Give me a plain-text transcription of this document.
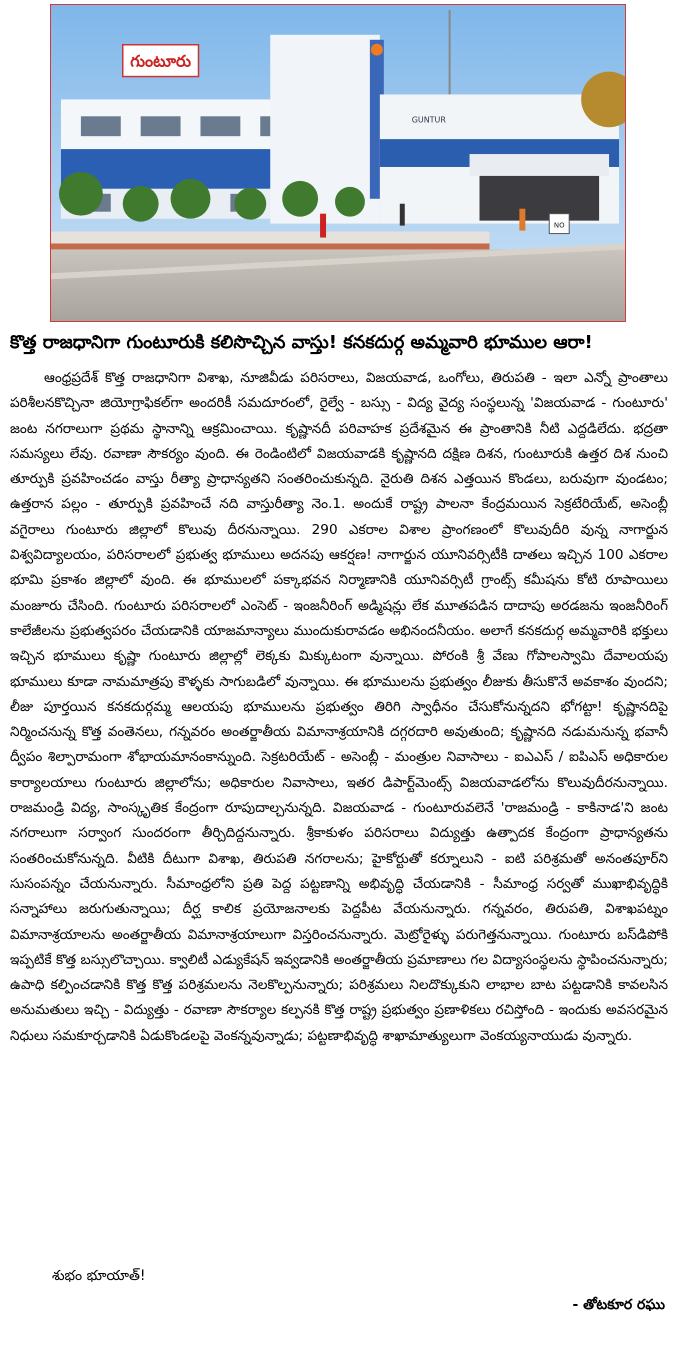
గుంటూరు
GUNTUR
NO
కొత్త రాజధానిగా గుంటూరుకి కలిసొచ్చిన వాస్తు! కనకదుర్గ అమ్మవారి భూముల ఆరా!

ఆంధ్రప్రదేశ్ కొత్త రాజధానిగా విశాఖ, నూజివీడు పరిసరాలు, విజయవాడ, ఒంగోలు, తిరుపతి - ఇలా ఎన్నో ప్రాంతాలు పరిశీలనకొచ్చినా జియోగ్రాఫికల్‌గా అందరికీ సమదూరంలో, రైల్వే - బస్సు - విద్య వైద్య సంస్థలున్న 'విజయవాడ - గుంటూరు' జంట నగరాలుగా ప్రథమ స్థానాన్ని ఆక్రమించాయి. కృష్ణానదీ పరివాహక ప్రదేశమైన ఈ ప్రాంతానికి నీటి ఎద్దడిలేదు. భద్రతా సమస్యలు లేవు. రవాణా సౌకర్యం వుంది. ఈ రెండింటిలో విజయవాడకి కృష్ణానది దక్షిణ దిశన, గుంటూరుకి ఉత్తర దిశ నుంచి తూర్పుకి ప్రవహించడం వాస్తు రీత్యా ప్రాధాన్యతని సంతరించుకున్నది. నైరుతి దిశన ఎత్తయిన కొండలు, బరువుగా వుండటం; ఉత్తరాన పల్లం - తూర్పుకి ప్రవహించే నది వాస్తురీత్యా నెం.1. అందుకే రాష్ట్ర పాలనా కేంద్రమయిన సెక్రటేరియేట్, అసెంబ్లీ వగైరాలు గుంటూరు జిల్లాలో కొలువు దీరనున్నాయి. 290 ఎకరాల విశాల ప్రాంగణంలో కొలువుదీరి వున్న నాగార్జున విశ్వవిద్యాలయం, పరిసరాలలో ప్రభుత్వ భూములు అదనపు ఆకర్షణ! నాగార్జున యూనివర్సిటీకి దాతలు ఇచ్చిన 100 ఎకరాల భూమి ప్రకాశం జిల్లాలో వుంది. ఈ భూములలో పక్కాభవన నిర్మాణానికి యూనివర్సిటీ గ్రాంట్స్ కమీషను కోటి రూపాయిలు మంజూరు చేసింది. గుంటూరు పరిసరాలలో ఎంసెట్ - ఇంజనీరింగ్ అడ్మిషన్లు లేక మూతపడిన దాదాపు అరడజను ఇంజనీరింగ్ కాలేజీలను ప్రభుత్వపరం చేయడానికి యాజమాన్యాలు ముందుకురావడం అభినందనీయం. అలాగే కనకదుర్గ అమ్మవారికి భక్తులు ఇచ్చిన భూములు కృష్ణా గుంటూరు జిల్లాల్లో లెక్కకు మిక్కుటంగా వున్నాయి. పోరంకి శ్రీ వేణు గోపాలస్వామి దేవాలయపు భూములు కూడా నామమాత్రపు కౌళ్ళకు సాగుబడిలో వున్నాయి. ఈ భూములను ప్రభుత్వం లీజుకు తీసుకొనే అవకాశం వుందని; లీజు పూర్తయిన కనకదుర్గమ్మ ఆలయపు భూములను ప్రభుత్వం తిరిగి స్వాధీనం చేసుకోనున్నదని భోగట్టా! కృష్ణానదిపై నిర్మించనున్న కొత్త వంతెనలు, గన్నవరం అంతర్జాతీయ విమానాశ్రయానికి దగ్గరదారి అవుతుంది; కృష్ణానది నడుమనున్న భవానీ ద్వీపం శిల్పారామంగా శోభాయమానంకాన్నుంది. సెక్రటరియేట్ - అసెంబ్లీ - మంత్రుల నివాసాలు - ఐఎఎస్ / ఐపిఎస్ అధికారుల కార్యాలయాలు గుంటూరు జిల్లాలోను; అధికారుల నివాసాలు, ఇతర డిపార్ట్‌మెంట్స్ విజయవాడలోను కొలువుదీరనున్నాయి. రాజమండ్రి విద్య, సాంస్కృతిక కేంద్రంగా రూపుదాల్చనున్నది. విజయవాడ - గుంటూరువలెనే 'రాజమండ్రి - కాకినాడ'ని జంట నగరాలుగా సర్వాంగ సుందరంగా తీర్చిదిద్దనున్నారు. శ్రీకాకుళం పరిసరాలు విద్యుత్తు ఉత్పాదక కేంద్రంగా ప్రాధాన్యతను సంతరించుకోనున్నది. వీటికి దీటుగా విశాఖ, తిరుపతి నగరాలను; హైకోర్టుతో కర్నూలుని - ఐటి పరిశ్రమతో అనంతపూర్‌ని సుసంపన్నం చేయనున్నారు. సీమాంధ్రలోని ప్రతి పెద్ద పట్టణాన్ని అభివృద్ధి చేయడానికి - సీమాంధ్ర సర్వతో ముఖాభివృద్ధికి సన్నాహాలు జరుగుతున్నాయి; దీర్ఘ కాలిక ప్రయోజనాలకు పెద్దపీట వేయనున్నారు. గన్నవరం, తిరుపతి, విశాఖపట్నం విమానాశ్రయాలను అంతర్జాతీయ విమానాశ్రయాలుగా విస్తరించనున్నారు. మెట్రోరైళ్ళు పరుగెత్తనున్నాయి. గుంటూరు బస్‌డిపోకి ఇప్పటికే కొత్త బస్సులొచ్చాయి. క్వాలిటీ ఎడ్యుకేషన్ ఇవ్వడానికి అంతర్జాతీయ ప్రమాణాలు గల విద్యాసంస్థలను స్థాపించనున్నారు; ఉపాధి కల్పించడానికి కొత్త కొత్త పరిశ్రమలను నెలకొల్పనున్నారు; పరిశ్రమలు నిలదొక్కుకుని లాభాల బాట పట్టడానికి కావలసిన అనుమతులు ఇచ్చి - విద్యుత్తు - రవాణా సౌకర్యాల కల్పనకి కొత్త రాష్ట్ర ప్రభుత్వం ప్రణాళికలు రచిస్తోంది - ఇందుకు అవసరమైన నిధులు సమకూర్చడానికి ఏడుకొండలపై వెంకన్నవున్నాడు; పట్టణాభివృద్ధి శాఖామాత్యులుగా వెంకయ్యనాయుడు వున్నారు.

శుభం భూయాత్!
- తోటకూర రఘు
